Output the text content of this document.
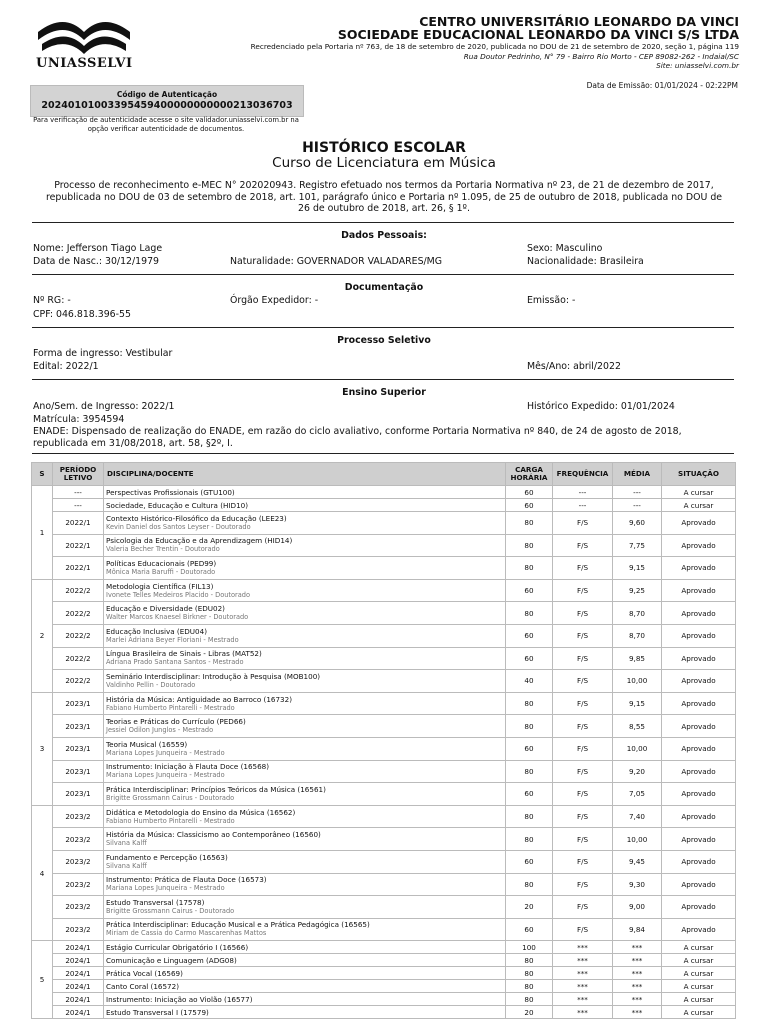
UNIASSELVI
CENTRO UNIVERSITÁRIO LEONARDO DA VINCI
SOCIEDADE EDUCACIONAL LEONARDO DA VINCI S/S LTDA
Recredenciado pela Portaria nº 763, de 18 de setembro de 2020, publicada no DOU de 21 de setembro de 2020, seção 1, página 119
Rua Doutor Pedrinho, N° 79 - Bairro Rio Morto - CEP 89082-262 - Indaial/SC
Site: uniasselvi.com.br
Data de Emissão: 01/01/2024 - 02:22PM
Código de Autenticação
20240101003395459400000000000213036703
Para verificação de autenticidade acesse o site validador.uniasselvi.com.br na opção verificar autenticidade de documentos.
HISTÓRICO ESCOLAR
Curso de Licenciatura em Música
Processo de reconhecimento e-MEC N° 202020943. Registro efetuado nos termos da Portaria Normativa nº 23, de 21 de dezembro de 2017, republicada no DOU de 03 de setembro de 2018, art. 101, parágrafo único e Portaria nº 1.095, de 25 de outubro de 2018, publicada no DOU de 26 de outubro de 2018, art. 26, § 1º.
Dados Pessoais:
Nome: Jefferson Tiago Lage	Sexo: Masculino
Data de Nasc.: 30/12/1979	Naturalidade: GOVERNADOR VALADARES/MG	Nacionalidade: Brasileira
Documentação
Nº RG: -	Órgão Expedidor: -	Emissão: -
CPF: 046.818.396-55
Processo Seletivo
Forma de ingresso: Vestibular
Edital: 2022/1	Mês/Ano: abril/2022
Ensino Superior
Ano/Sem. de Ingresso: 2022/1	Histórico Expedido: 01/01/2024
Matrícula: 3954594
ENADE: Dispensado de realização do ENADE, em razão do ciclo avaliativo, conforme Portaria Normativa nº 840, de 24 de agosto de 2018, republicada em 31/08/2018, art. 58, §2º, I.
S	PERÍODO LETIVO	DISCIPLINA/DOCENTE	CARGA HORÁRIA	FREQUÊNCIA	MÉDIA	SITUAÇÃO
1	---	Perspectivas Profissionais (GTU100)	60	---	---	A cursar
	---	Sociedade, Educação e Cultura (HID10)	60	---	---	A cursar
	2022/1	Contexto Histórico-Filosófico da Educação (LEE23)
Kevin Daniel dos Santos Leyser - Doutorado	80	F/S	9,60	Aprovado
	2022/1	Psicologia da Educação e da Aprendizagem (HID14)
Valeria Becher Trentin - Doutorado	80	F/S	7,75	Aprovado
	2022/1	Políticas Educacionais (PED99)
Mônica Maria Baruffi - Doutorado	80	F/S	9,15	Aprovado
2	2022/2	Metodologia Científica (FIL13)
Ivonete Telles Medeiros Placido - Doutorado	60	F/S	9,25	Aprovado
	2022/2	Educação e Diversidade (EDU02)
Walter Marcos Knaesel Birkner - Doutorado	80	F/S	8,70	Aprovado
	2022/2	Educação Inclusiva (EDU04)
Marlei Adriana Beyer Floriani - Mestrado	60	F/S	8,70	Aprovado
	2022/2	Língua Brasileira de Sinais - Libras (MAT52)
Adriana Prado Santana Santos - Mestrado	60	F/S	9,85	Aprovado
	2022/2	Seminário Interdisciplinar: Introdução à Pesquisa (MOB100)
Valdinho Pellin - Doutorado	40	F/S	10,00	Aprovado
3	2023/1	História da Música: Antiguidade ao Barroco (16732)
Fabiano Humberto Pintarelli - Mestrado	80	F/S	9,15	Aprovado
	2023/1	Teorias e Práticas do Currículo (PED66)
Jessiel Odilon Junglos - Mestrado	80	F/S	8,55	Aprovado
	2023/1	Teoria Musical (16559)
Mariana Lopes Junqueira - Mestrado	60	F/S	10,00	Aprovado
	2023/1	Instrumento: Iniciação à Flauta Doce (16568)
Mariana Lopes Junqueira - Mestrado	80	F/S	9,20	Aprovado
	2023/1	Prática Interdisciplinar: Princípios Teóricos da Música (16561)
Brigitte Grossmann Cairus - Doutorado	60	F/S	7,05	Aprovado
4	2023/2	Didática e Metodologia do Ensino da Música (16562)
Fabiano Humberto Pintarelli - Mestrado	80	F/S	7,40	Aprovado
	2023/2	História da Música: Classicismo ao Contemporâneo (16560)
Silvana Kalff	80	F/S	10,00	Aprovado
	2023/2	Fundamento e Percepção (16563)
Silvana Kalff	60	F/S	9,45	Aprovado
	2023/2	Instrumento: Prática de Flauta Doce (16573)
Mariana Lopes Junqueira - Mestrado	80	F/S	9,30	Aprovado
	2023/2	Estudo Transversal (17578)
Brigitte Grossmann Cairus - Doutorado	20	F/S	9,00	Aprovado
	2023/2	Prática Interdisciplinar: Educação Musical e a Prática Pedagógica (16565)
Miriam de Cassia do Carmo Mascarenhas Mattos	60	F/S	9,84	Aprovado
5	2024/1	Estágio Curricular Obrigatório I (16566)	100	***	***	A cursar
	2024/1	Comunicação e Linguagem (ADG08)	80	***	***	A cursar
	2024/1	Prática Vocal (16569)	80	***	***	A cursar
	2024/1	Canto Coral (16572)	80	***	***	A cursar
	2024/1	Instrumento: Iniciação ao Violão (16577)	80	***	***	A cursar
	2024/1	Estudo Transversal I (17579)	20	***	***	A cursar
